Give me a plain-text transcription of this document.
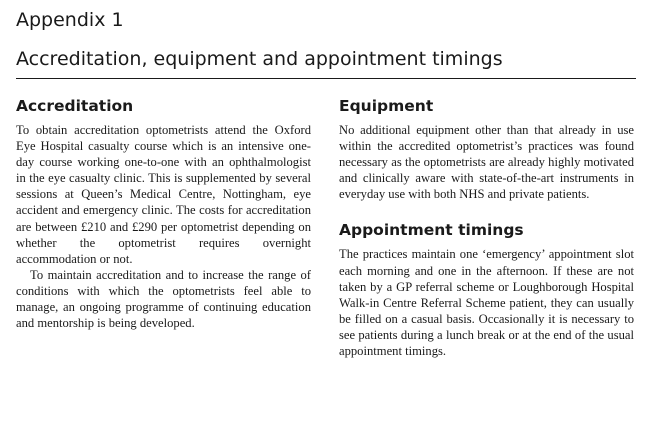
Appendix 1
Accreditation, equipment and appointment timings
Accreditation

To obtain accreditation optometrists attend the Oxford Eye Hospital casualty course which is an intensive one-day course working one-to-one with an ophthalmologist in the eye casualty clinic. This is supplemented by several sessions at Queen’s Medical Centre, Nottingham, eye accident and emergency clinic. The costs for accreditation are between £210 and £290 per optometrist depending on whether the optometrist requires overnight accommodation or not.

To maintain accreditation and to increase the range of conditions with which the optometrists feel able to manage, an ongoing programme of continuing education and mentorship is being developed.

Equipment

No additional equipment other than that already in use within the accredited optometrist’s practices was found necessary as the optometrists are already highly motivated and clinically aware with state-of-the-art instruments in everyday use with both NHS and private patients.

Appointment timings

The practices maintain one ‘emergency’ appointment slot each morning and one in the afternoon. If these are not taken by a GP referral scheme or Loughborough Hospital Walk-in Centre Referral Scheme patient, they can usually be filled on a casual basis. Occasionally it is necessary to see patients during a lunch break or at the end of the usual appointment timings.
